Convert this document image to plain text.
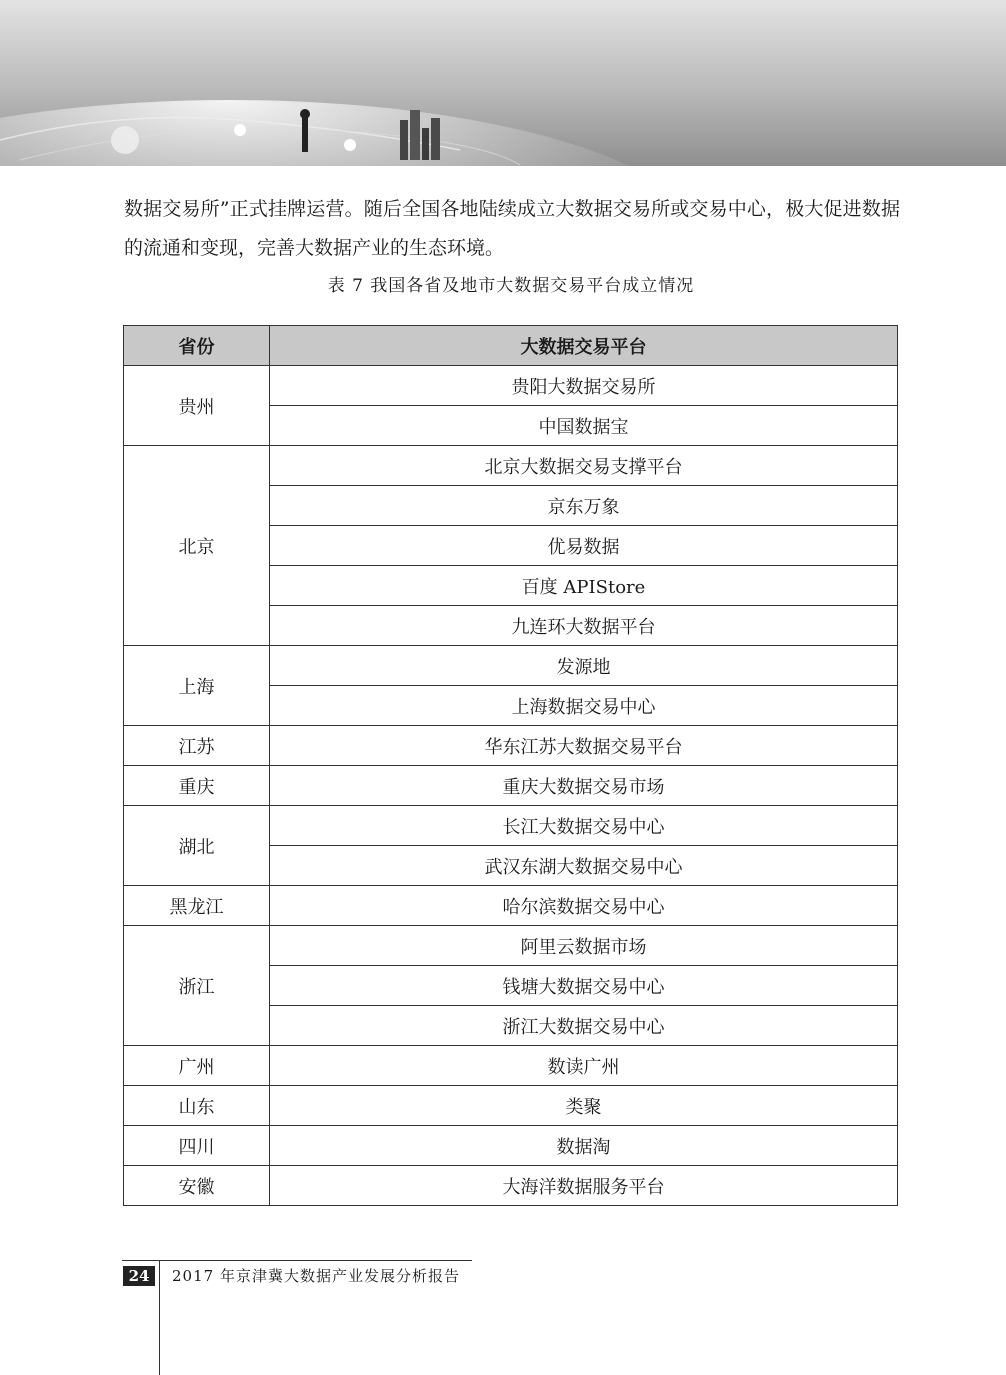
数据交易所”正式挂牌运营。随后全国各地陆续成立大数据交易所或交易中心，极大促进数据的流通和变现，完善大数据产业的生态环境。

表 7 我国各省及地市大数据交易平台成立情况
省份	大数据交易平台
贵州	贵阳大数据交易所
	中国数据宝
北京	北京大数据交易支撑平台
	京东万象
	优易数据
	百度 APIStore
	九连环大数据平台
上海	发源地
	上海数据交易中心
江苏	华东江苏大数据交易平台
重庆	重庆大数据交易市场
湖北	长江大数据交易中心
	武汉东湖大数据交易中心
黑龙江	哈尔滨数据交易中心
浙江	阿里云数据市场
	钱塘大数据交易中心
	浙江大数据交易中心
广州	数读广州
山东	类聚
四川	数据淘
安徽	大海洋数据服务平台
24	2017 年京津冀大数据产业发展分析报告
